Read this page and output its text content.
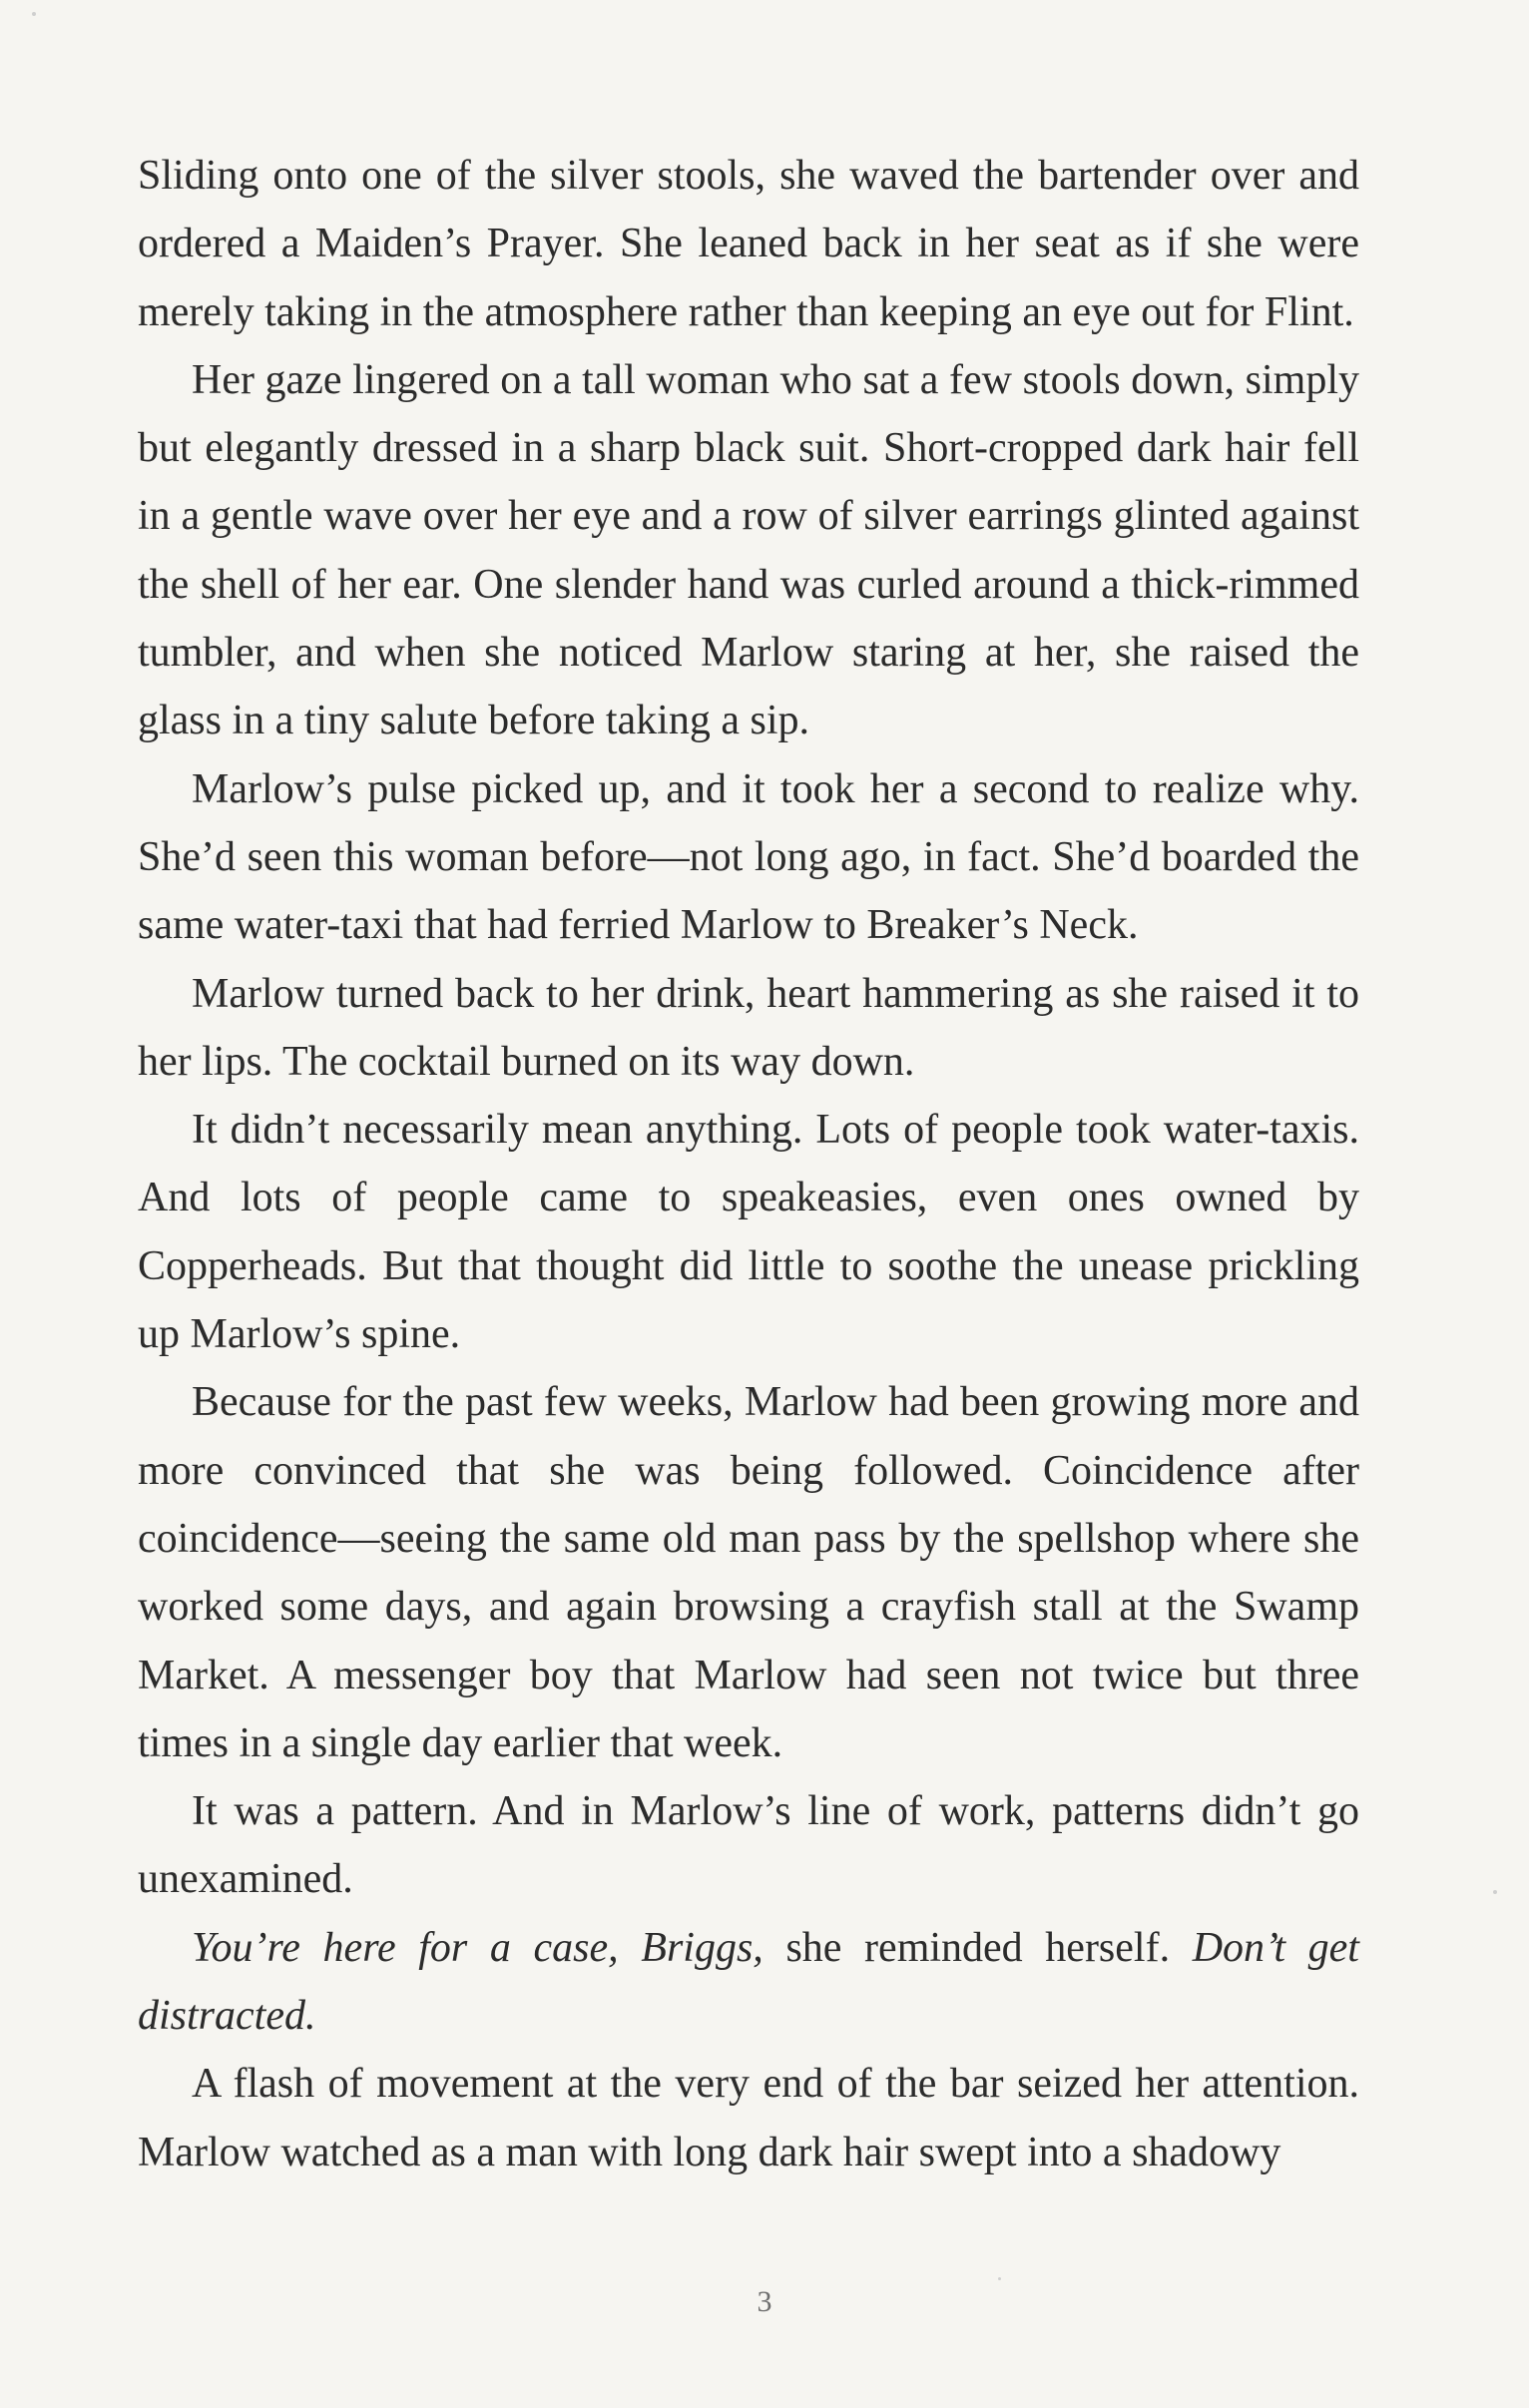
Sliding onto one of the silver stools, she waved the bartender over and ordered a Maiden’s Prayer. She leaned back in her seat as if she were merely taking in the atmosphere rather than keeping an eye out for Flint.

Her gaze lingered on a tall woman who sat a few stools down, simply but elegantly dressed in a sharp black suit. Short-cropped dark hair fell in a gentle wave over her eye and a row of silver earrings glinted against the shell of her ear. One slender hand was curled around a thick-rimmed tumbler, and when she noticed Marlow staring at her, she raised the glass in a tiny salute before taking a sip.

Marlow’s pulse picked up, and it took her a second to realize why. She’d seen this woman before—not long ago, in fact. She’d boarded the same water-taxi that had ferried Marlow to Breaker’s Neck.

Marlow turned back to her drink, heart hammering as she raised it to her lips. The cocktail burned on its way down.

It didn’t necessarily mean anything. Lots of people took water-taxis. And lots of people came to speakeasies, even ones owned by Copperheads. But that thought did little to soothe the unease prickling up Marlow’s spine.

Because for the past few weeks, Marlow had been growing more and more convinced that she was being followed. Coincidence after coincidence—seeing the same old man pass by the spellshop where she worked some days, and again browsing a crayfish stall at the Swamp Market. A messenger boy that Marlow had seen not twice but three times in a single day earlier that week.

It was a pattern. And in Marlow’s line of work, patterns didn’t go unexamined.

You’re here for a case, Briggs, she reminded herself. Don’t get distracted.

A flash of movement at the very end of the bar seized her attention. Marlow watched as a man with long dark hair swept into a shadowy

3
